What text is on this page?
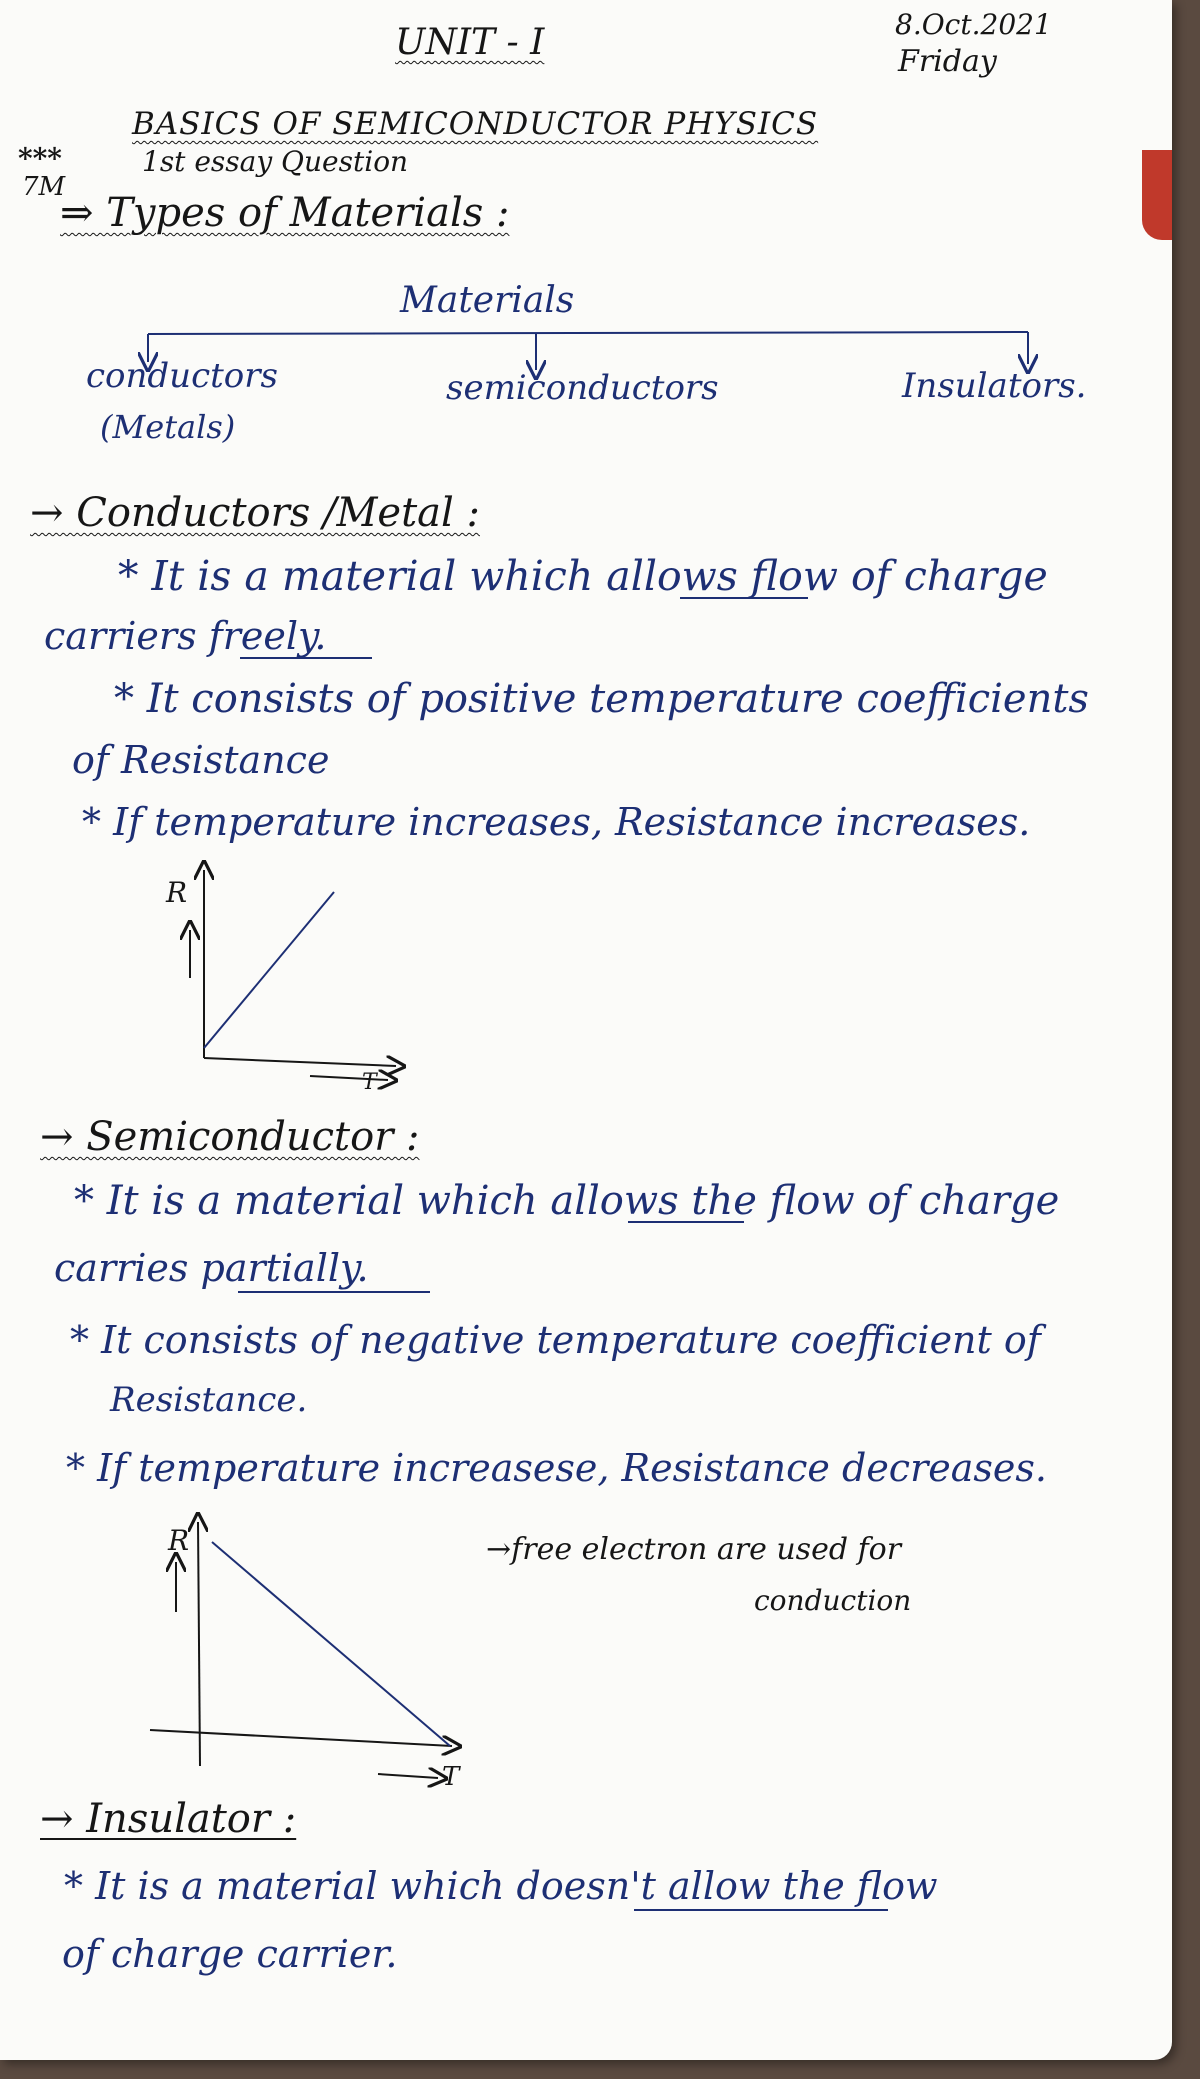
UNIT - I	8.Oct.2021
Friday
BASICS OF SEMICONDUCTOR PHYSICS
***
7M
1st essay Question
⇒ Types of Materials :
Materials
conductors
(Metals)
semiconductors	Insulators.
→ Conductors /Metal :
* It is a material which allows flow of charge
carriers freely.
* It consists of positive temperature coefficients
of Resistance
* If temperature increases, Resistance increases.
R
T
→ Semiconductor :
* It is a material which allows the flow of charge
carries partially.
* It consists of negative temperature coefficient of
Resistance.
* If temperature increasese, Resistance decreases.
R
T
→free electron are used for
conduction
→ Insulator :
* It is a material which doesn't allow the flow
of charge carrier.
